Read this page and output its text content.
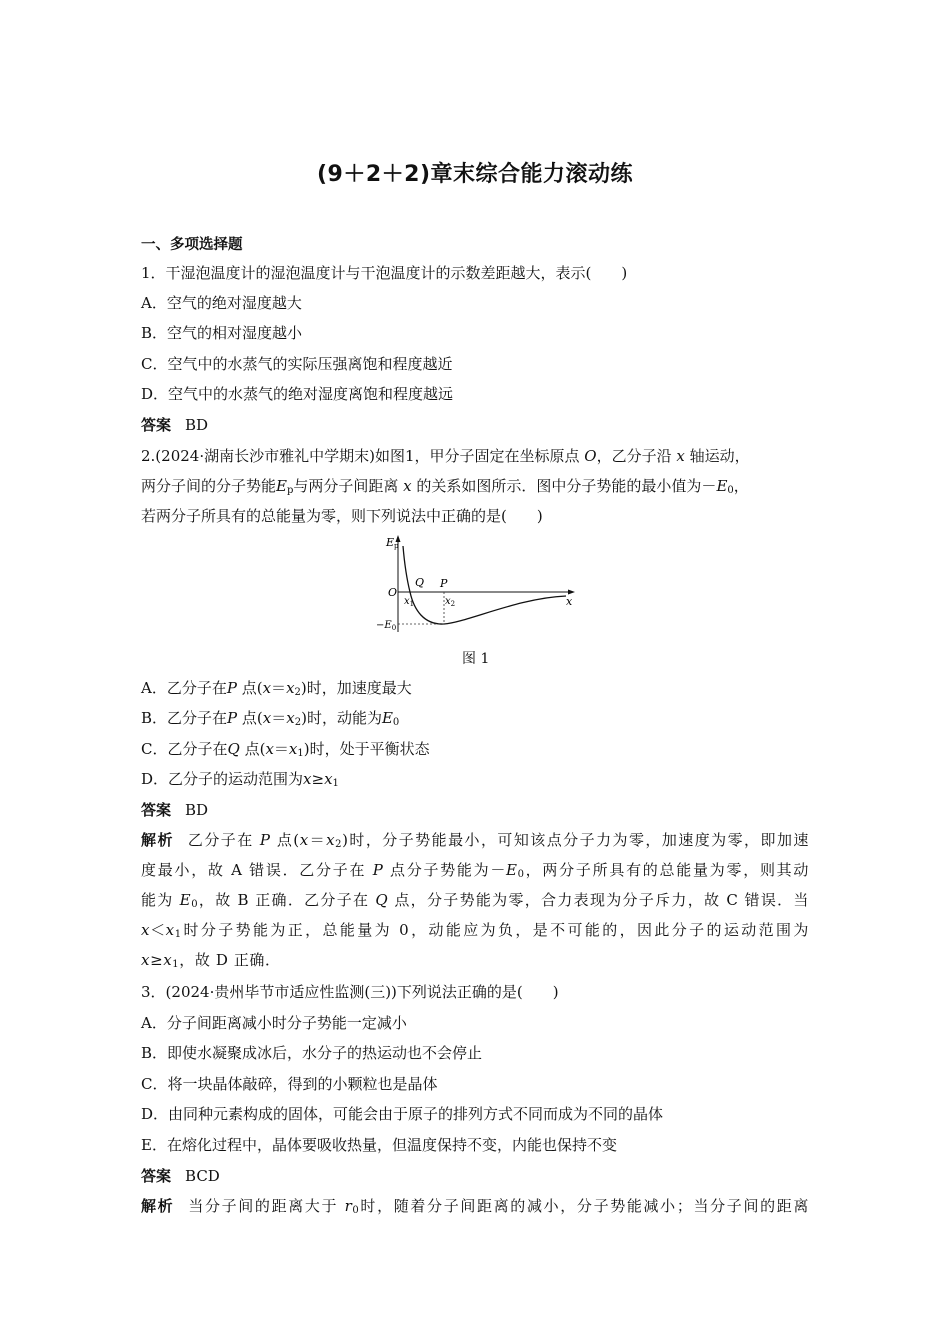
(9＋2＋2)章末综合能力滚动练
一、多项选择题
1．干湿泡温度计的湿泡温度计与干泡温度计的示数差距越大，表示(　　)
A．空气的绝对湿度越大
B．空气的相对湿度越小
C．空气中的水蒸气的实际压强离饱和程度越近
D．空气中的水蒸气的绝对湿度离饱和程度越远
答案 BD
2.(2024·湖南长沙市雅礼中学期末)如图1，甲分子固定在坐标原点 O，乙分子沿 x 轴运动，
两分子间的分子势能$E_p$与两分子间距离 x 的关系如图所示．图中分子势能的最小值为$-E_0$，
若两分子所具有的总能量为零，则下列说法中正确的是(　　)
Ep
O
x
Q P
$x_1$	$x_2$
$-E_0$
图 1
A．乙分子在P 点$(x=x_2)$时，加速度最大
B．乙分子在P 点$(x=x_2)$时，动能为$E_0$
C．乙分子在Q 点$(x=x_1)$时，处于平衡状态
D．乙分子的运动范围为$x\ge x_1$
答案 BD
解析 乙分子在 P 点$(x=x_2)$时，分子势能最小，可知该点分子力为零，加速度为零，即加速
度最小，故 A 错误．乙分子在 P 点分子势能为$-E_0$，两分子所具有的总能量为零，则其动
能为 $E_0$，故 B 正确．乙分子在 Q 点，分子势能为零，合力表现为分子斥力，故 C 错误．当
$x<x_1$时分子势能为正，总能量为 0，动能应为负，是不可能的，因此分子的运动范围为
$x\ge x_1$，故 D 正确．
3．(2024·贵州毕节市适应性监测(三))下列说法正确的是(　　)
A．分子间距离减小时分子势能一定减小
B．即使水凝聚成冰后，水分子的热运动也不会停止
C．将一块晶体敲碎，得到的小颗粒也是晶体
D．由同种元素构成的固体，可能会由于原子的排列方式不同而成为不同的晶体
E．在熔化过程中，晶体要吸收热量，但温度保持不变，内能也保持不变
答案 BCD
解析 当分子间的距离大于 $r_0$时，随着分子间距离的减小，分子势能减小；当分子间的距离
